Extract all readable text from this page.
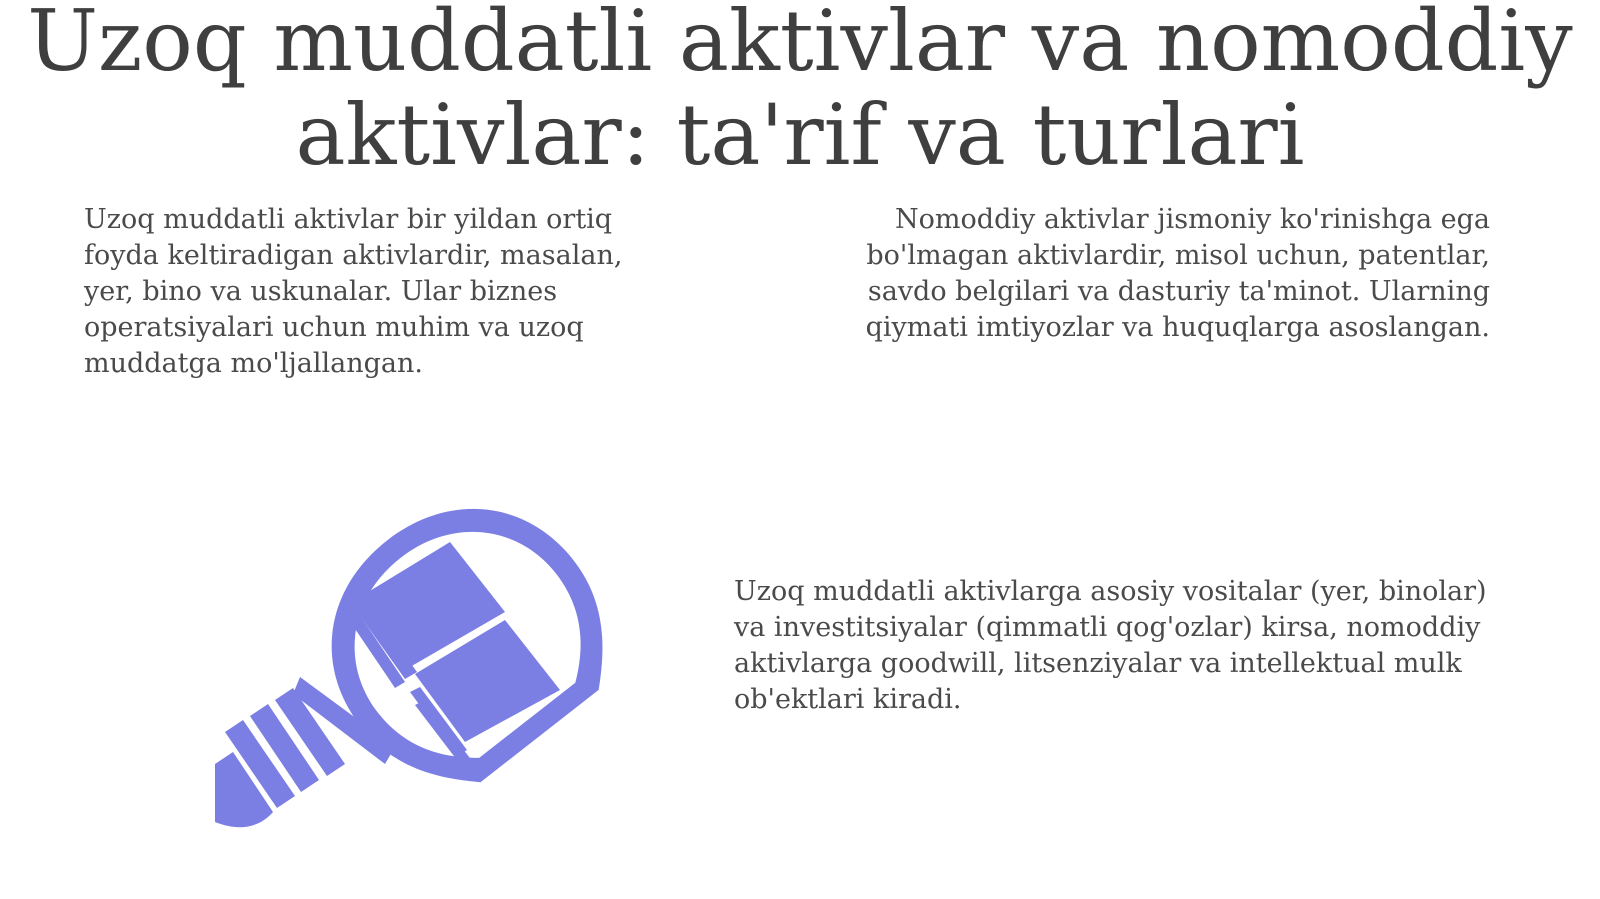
Uzoq muddatli aktivlar va nomoddiy aktivlar: ta'rif va turlari

Uzoq muddatli aktivlar bir yildan ortiq foyda keltiradigan aktivlardir, masalan, yer, bino va uskunalar. Ular biznes operatsiyalari uchun muhim va uzoq muddatga mo'ljallangan.

Nomoddiy aktivlar jismoniy ko'rinishga ega bo'lmagan aktivlardir, misol uchun, patentlar, savdo belgilari va dasturiy ta'minot. Ularning qiymati imtiyozlar va huquqlarga asoslangan.

Uzoq muddatli aktivlarga asosiy vositalar (yer, binolar) va investitsiyalar (qimmatli qog'ozlar) kirsa, nomoddiy aktivlarga goodwill, litsenziyalar va intellektual mulk ob'ektlari kiradi.
